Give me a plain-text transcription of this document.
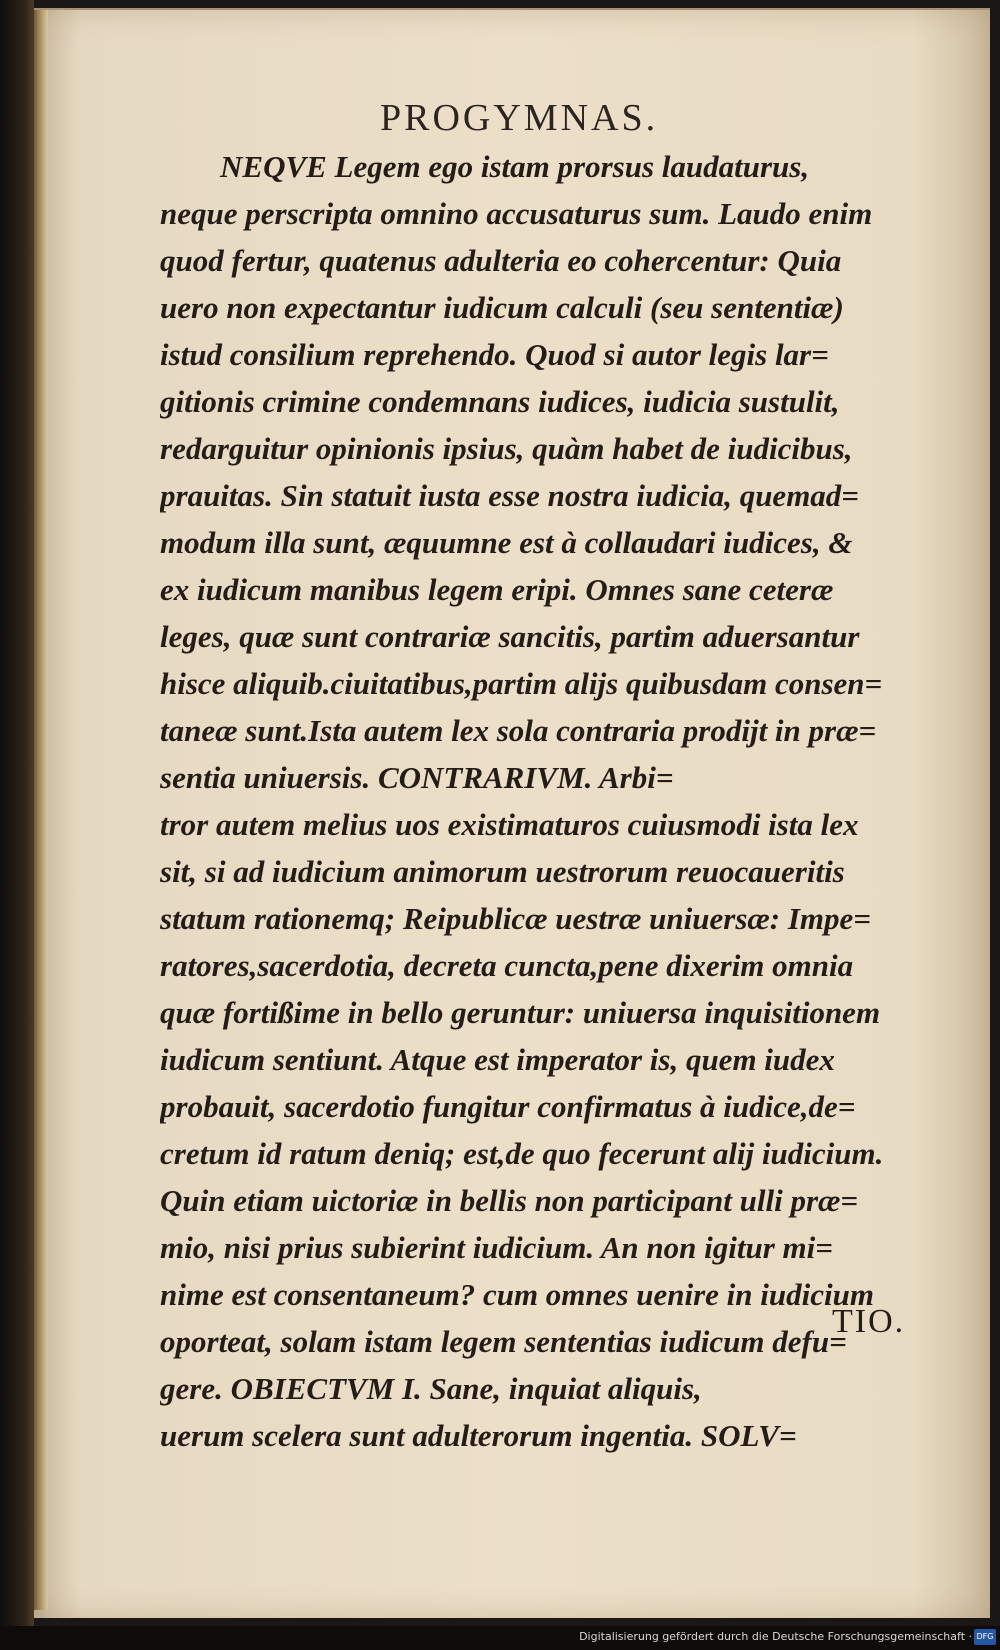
PROGYMNAS.
NEQVE Legem ego istam prorsus laudaturus,
neque perscripta omnino accusaturus sum. Laudo enim
quod fertur, quatenus adulteria eo cohercentur: Quia
uero non expectantur iudicum calculi (seu sententiæ)
istud consilium reprehendo. Quod si autor legis lar=
gitionis crimine condemnans iudices, iudicia sustulit,
redarguitur opinionis ipsius, quàm habet de iudicibus,
prauitas. Sin statuit iusta esse nostra iudicia, quemad=
modum illa sunt, æquumne est à collaudari iudices, &
ex iudicum manibus legem eripi. Omnes sane ceteræ
leges, quæ sunt contrariæ sancitis, partim aduersantur
hisce aliquib.ciuitatibus,partim alijs quibusdam consen=
taneæ sunt.Ista autem lex sola contraria prodijt in præ=
sentia uniuersis. CONTRARIVM. Arbi=
tror autem melius uos existimaturos cuiusmodi ista lex
sit, si ad iudicium animorum uestrorum reuocaueritis
statum rationemq; Reipublicæ uestræ uniuersæ: Impe=
ratores,sacerdotia, decreta cuncta,pene dixerim omnia
quæ fortißime in bello geruntur: uniuersa inquisitionem
iudicum sentiunt. Atque est imperator is, quem iudex
probauit, sacerdotio fungitur confirmatus à iudice,de=
cretum id ratum deniq; est,de quo fecerunt alij iudicium.
Quin etiam uictoriæ in bellis non participant ulli præ=
mio, nisi prius subierint iudicium. An non igitur mi=
nime est consentaneum? cum omnes uenire in iudicium
oporteat, solam istam legem sententias iudicum defu=
gere. OBIECTVM I. Sane, inquiat aliquis,
uerum scelera sunt adulterorum ingentia. SOLV=
TIO.
Digitalisierung gefördert durch die Deutsche Forschungsgemeinschaft · DFG
